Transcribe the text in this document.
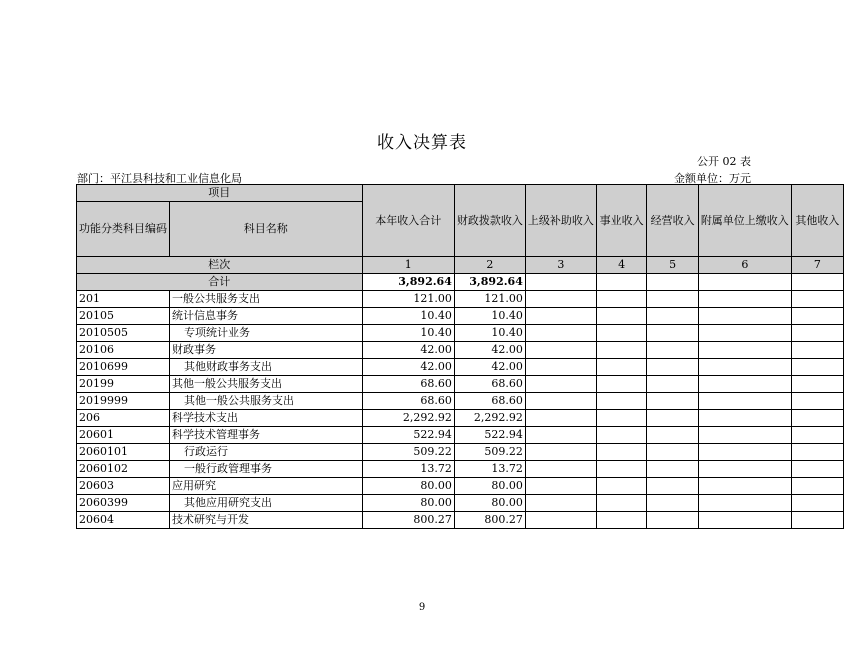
收入决算表
公开 02 表
部门：平江县科技和工业信息化局	金额单位：万元
项目		本年收入合计	财政拨款收入	上级补助收入	事业收入	经营收入	附属单位上缴收入	其他收入
功能分类科目编码	科目名称							

栏次		1	2	3	4	5	6	7
合计		3,892.64	3,892.64					
201	一般公共服务支出	121.00	121.00					
20105	统计信息事务	10.40	10.40					
2010505	专项统计业务	10.40	10.40					
20106	财政事务	42.00	42.00					
2010699	其他财政事务支出	42.00	42.00					
20199	其他一般公共服务支出	68.60	68.60					
2019999	其他一般公共服务支出	68.60	68.60					
206	科学技术支出	2,292.92	2,292.92					
20601	科学技术管理事务	522.94	522.94					
2060101	行政运行	509.22	509.22					
2060102	一般行政管理事务	13.72	13.72					
20603	应用研究	80.00	80.00					
2060399	其他应用研究支出	80.00	80.00					
20604	技术研究与开发	800.27	800.27					
9
